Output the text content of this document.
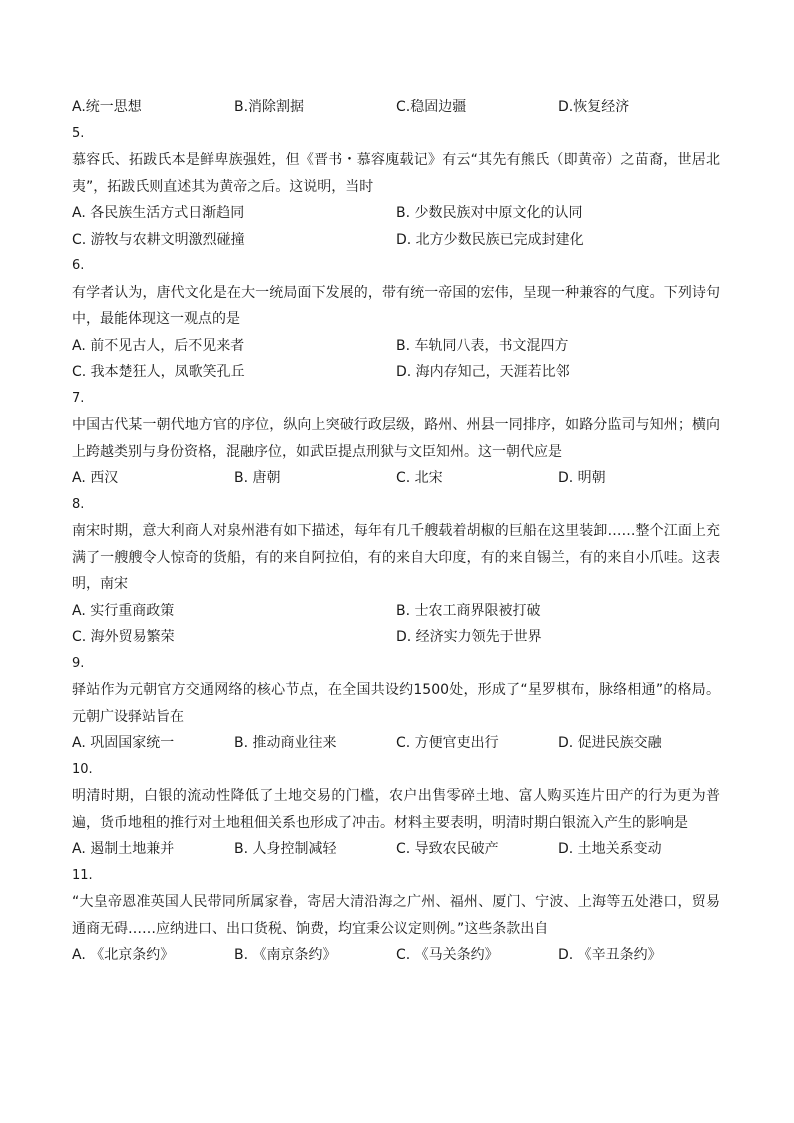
A.统一思想	B.消除割据	C.稳固边疆	D.恢复经济
5.
慕容氏、拓跋氏本是鲜卑族强姓，但《晋书・慕容廆载记》有云“其先有熊氏（即黄帝）之苗裔，世居北夷”，拓跋氏则直述其为黄帝之后。这说明，当时
A. 各民族生活方式日渐趋同	B. 少数民族对中原文化的认同
C. 游牧与农耕文明激烈碰撞	D. 北方少数民族已完成封建化
6.
有学者认为，唐代文化是在大一统局面下发展的，带有统一帝国的宏伟，呈现一种兼容的气度。下列诗句中，最能体现这一观点的是
A. 前不见古人，后不见来者	B. 车轨同八表，书文混四方
C. 我本楚狂人，凤歌笑孔丘	D. 海内存知己，天涯若比邻
7.
中国古代某一朝代地方官的序位，纵向上突破行政层级，路州、州县一同排序，如路分监司与知州；横向上跨越类别与身份资格，混融序位，如武臣提点刑狱与文臣知州。这一朝代应是
A. 西汉	B. 唐朝	C. 北宋	D. 明朝
8.
南宋时期，意大利商人对泉州港有如下描述，每年有几千艘载着胡椒的巨船在这里装卸……整个江面上充满了一艘艘令人惊奇的货船，有的来自阿拉伯，有的来自大印度，有的来自锡兰，有的来自小爪哇。这表明，南宋
A. 实行重商政策	B. 士农工商界限被打破
C. 海外贸易繁荣	D. 经济实力领先于世界
9.
驿站作为元朝官方交通网络的核心节点，在全国共设约1500处，形成了“星罗棋布，脉络相通”的格局。元朝广设驿站旨在
A. 巩固国家统一	B. 推动商业往来	C. 方便官吏出行	D. 促进民族交融
10.
明清时期，白银的流动性降低了土地交易的门槛，农户出售零碎土地、富人购买连片田产的行为更为普遍，货币地租的推行对土地租佃关系也形成了冲击。材料主要表明，明清时期白银流入产生的影响是
A. 遏制土地兼并	B. 人身控制减轻	C. 导致农民破产	D. 土地关系变动
11.
“大皇帝恩准英国人民带同所属家眷，寄居大清沿海之广州、福州、厦门、宁波、上海等五处港口，贸易通商无碍……应纳进口、出口货税、饷费，均宜秉公议定则例。”这些条款出自
A. 《北京条约》	B. 《南京条约》	C. 《马关条约》	D. 《辛丑条约》
